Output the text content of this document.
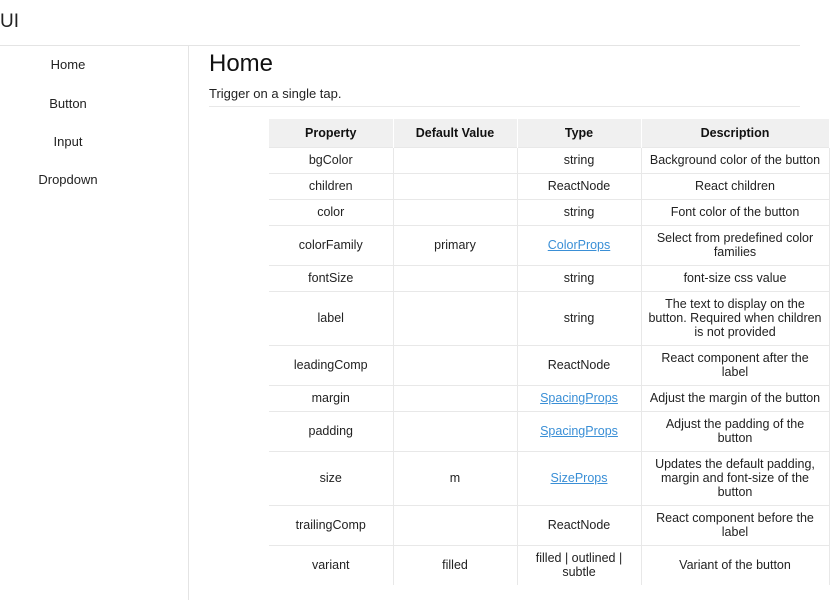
UI
Home
Button
Input
Dropdown
Home

Trigger on a single tap.

Property	Default Value	Type	Description
bgColor		string	Background color of the button
children		ReactNode	React children
color		string	Font color of the button
colorFamily	primary	ColorProps	Select from predefined color families
fontSize		string	font-size css value
label		string	The text to display on the button. Required when children is not provided
leadingComp		ReactNode	React component after the label
margin		SpacingProps	Adjust the margin of the button
padding		SpacingProps	Adjust the padding of the button
size	m	SizeProps	Updates the default padding, margin and font-size of the button
trailingComp		ReactNode	React component before the label
variant	filled	filled | outlined | subtle	Variant of the button
